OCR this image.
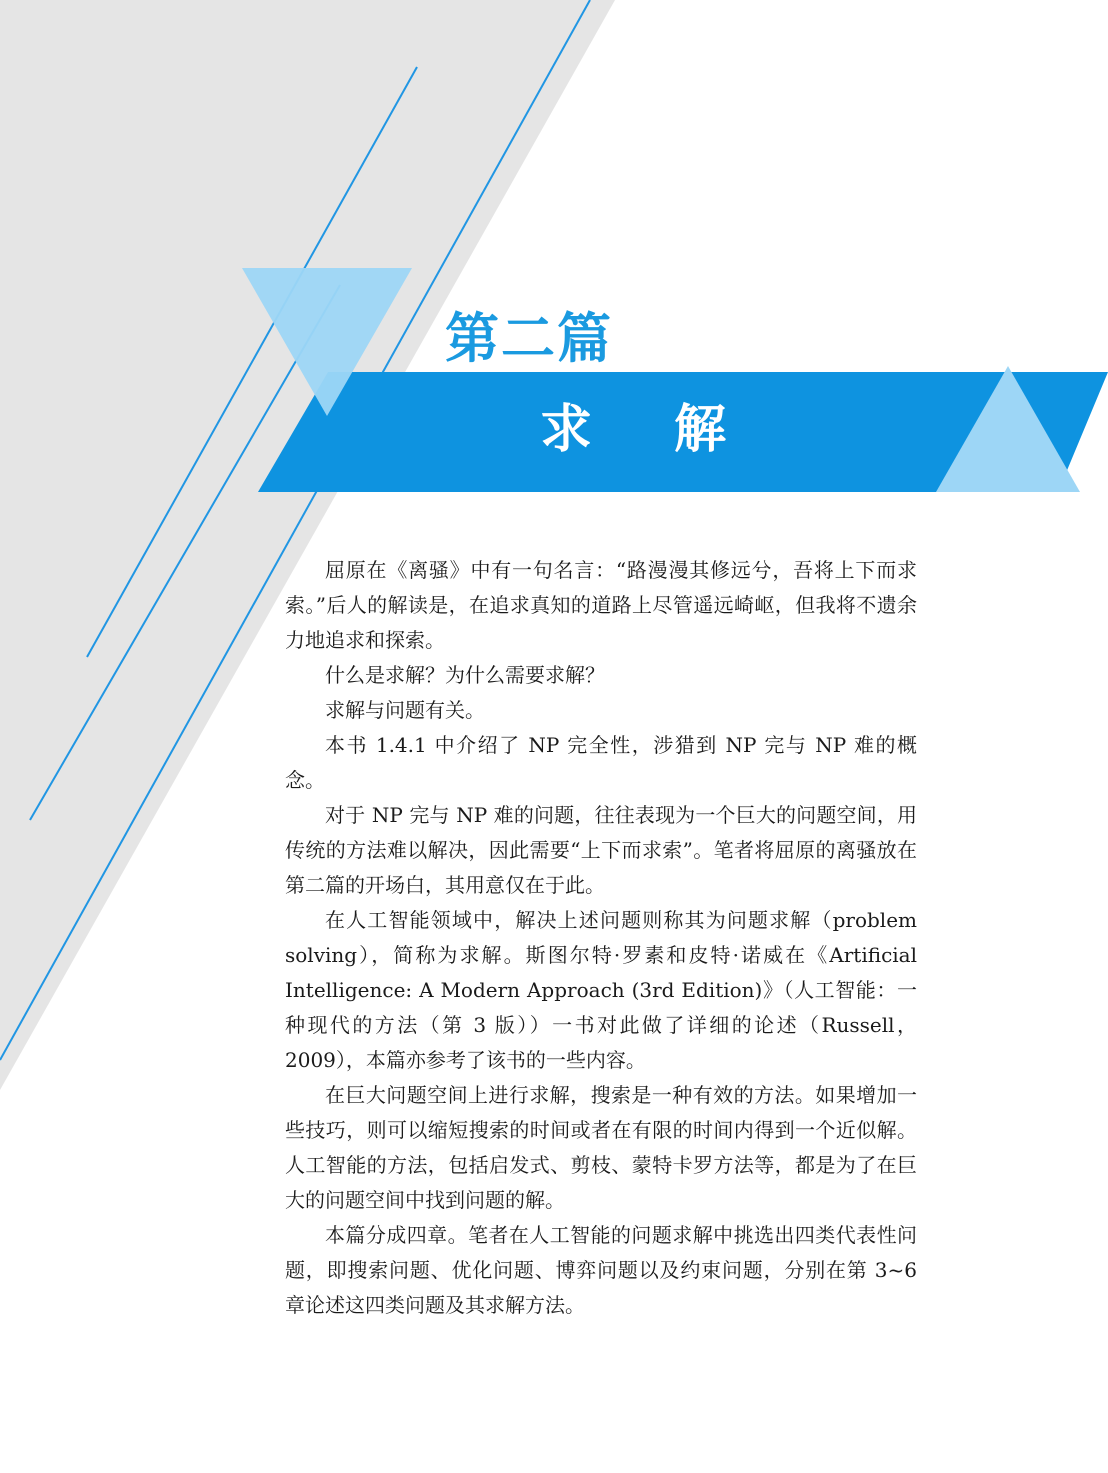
第二篇
求解

屈原在《离骚》中有一句名言：“路漫漫其修远兮，吾将上下而求索。”后人的解读是，在追求真知的道路上尽管遥远崎岖，但我将不遗余力地追求和探索。

什么是求解？为什么需要求解？

求解与问题有关。

本书 1.4.1 中介绍了 NP 完全性，涉猎到 NP 完与 NP 难的概念。

对于 NP 完与 NP 难的问题，往往表现为一个巨大的问题空间，用传统的方法难以解决，因此需要“上下而求索”。笔者将屈原的离骚放在第二篇的开场白，其用意仅在于此。

在人工智能领域中，解决上述问题则称其为问题求解（problem solving），简称为求解。斯图尔特·罗素和皮特·诺威在《Artificial Intelligence: A Modern Approach (3rd Edition)》（人工智能：一种现代的方法（第 3 版））一书对此做了详细的论述（Russell，2009），本篇亦参考了该书的一些内容。

在巨大问题空间上进行求解，搜索是一种有效的方法。如果增加一些技巧，则可以缩短搜索的时间或者在有限的时间内得到一个近似解。人工智能的方法，包括启发式、剪枝、蒙特卡罗方法等，都是为了在巨大的问题空间中找到问题的解。

本篇分成四章。笔者在人工智能的问题求解中挑选出四类代表性问题，即搜索问题、优化问题、博弈问题以及约束问题，分别在第 3~6 章论述这四类问题及其求解方法。
